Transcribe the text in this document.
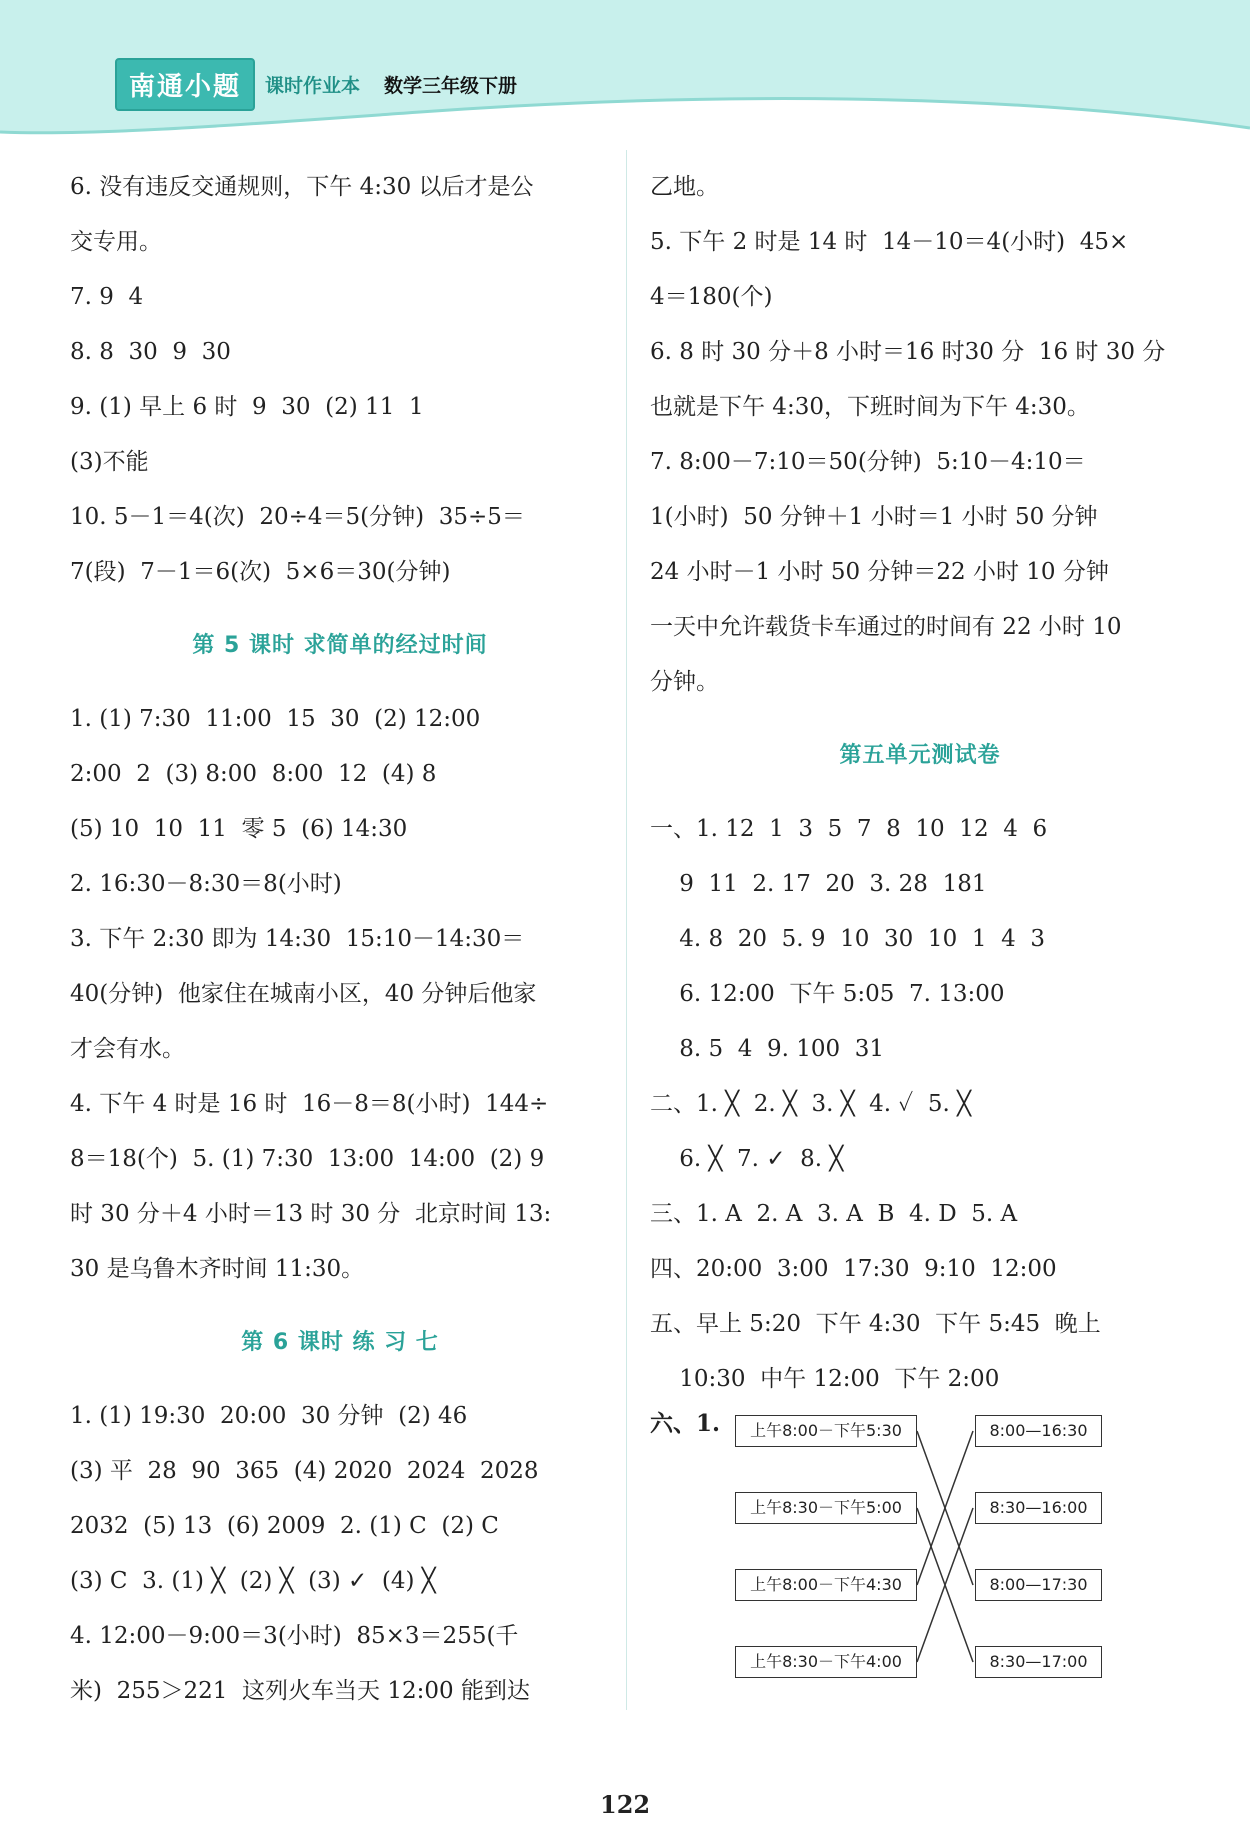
南通小题	课时作业本 数学三年级下册
6. 没有违反交通规则，下午 4:30 以后才是公
交专用。
7. 9  4
8. 8  30  9  30
9. (1) 早上 6 时  9  30  (2) 11  1
(3)不能
10. 5－1＝4(次)  20÷4＝5(分钟)  35÷5＝
7(段)  7－1＝6(次)  5×6＝30(分钟)
第 5 课时 求简单的经过时间
1. (1) 7:30  11:00  15  30  (2) 12:00
2:00  2  (3) 8:00  8:00  12  (4) 8
(5) 10  10  11  零 5  (6) 14:30
2. 16:30－8:30＝8(小时)
3. 下午 2:30 即为 14:30  15:10－14:30＝
40(分钟)  他家住在城南小区，40 分钟后他家
才会有水。
4. 下午 4 时是 16 时  16－8＝8(小时)  144÷
8＝18(个)  5. (1) 7:30  13:00  14:00  (2) 9
时 30 分＋4 小时＝13 时 30 分  北京时间 13:
30 是乌鲁木齐时间 11:30。
第 6 课时 练 习 七
1. (1) 19:30  20:00  30 分钟  (2) 46
(3) 平  28  90  365  (4) 2020  2024  2028
2032  (5) 13  (6) 2009  2. (1) C  (2) C
(3) C  3. (1) ╳  (2) ╳  (3) ✓  (4) ╳
4. 12:00－9:00＝3(小时)  85×3＝255(千
米)  255＞221  这列火车当天 12:00 能到达
乙地。
5. 下午 2 时是 14 时  14－10＝4(小时)  45×
4＝180(个)
6. 8 时 30 分＋8 小时＝16 时30 分  16 时 30 分
也就是下午 4:30，下班时间为下午 4:30。
7. 8:00－7:10＝50(分钟)  5:10－4:10＝
1(小时)  50 分钟＋1 小时＝1 小时 50 分钟
24 小时－1 小时 50 分钟＝22 小时 10 分钟
一天中允许载货卡车通过的时间有 22 小时 10
分钟。
第五单元测试卷
一、1. 12  1  3  5  7  8  10  12  4  6
9  11  2. 17  20  3. 28  181
4. 8  20  5. 9  10  30  10  1  4  3
6. 12:00  下午 5:05  7. 13:00
8. 5  4  9. 100  31
二、1. ╳  2. ╳  3. ╳  4. ✓  5. ╳
6. ╳  7. ✓  8. ╳
三、1. A  2. A  3. A  B  4. D  5. A
四、20:00  3:00  17:30  9:10  12:00
五、早上 5:20  下午 4:30  下午 5:45  晚上
10:30  中午 12:00  下午 2:00
六、1.	上午8:00－下午5:30
上午8:30－下午5:00
上午8:00－下午4:30
上午8:30－下午4:00
8:00—16:30
8:30—16:00
8:00—17:30
8:30—17:00
122
